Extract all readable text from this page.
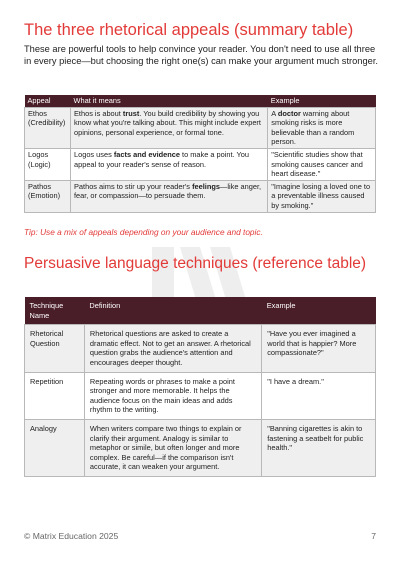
The three rhetorical appeals (summary table)

These are powerful tools to help convince your reader. You don't need to use all three in every piece—but choosing the right one(s) can make your argument much stronger.

Appeal	What it means	Example
Ethos (Credibility)	Ethos is about trust. You build credibility by showing you know what you're talking about. This might include expert opinions, personal experience, or formal tone.	A doctor warning about smoking risks is more believable than a random person.
Logos (Logic)	Logos uses facts and evidence to make a point. You appeal to your reader's sense of reason.	"Scientific studies show that smoking causes cancer and heart disease."
Pathos (Emotion)	Pathos aims to stir up your reader's feelings—like anger, fear, or compassion—to persuade them.	"Imagine losing a loved one to a preventable illness caused by smoking."

Tip: Use a mix of appeals depending on your audience and topic.

Persuasive language techniques (reference table)
Technique Name	Definition	Example
Rhetorical Question	Rhetorical questions are asked to create a dramatic effect. Not to get an answer. A rhetorical question grabs the audience's attention and encourages deeper thought.	"Have you ever imagined a world that is happier? More compassionate?"
Repetition	Repeating words or phrases to make a point stronger and more memorable. It helps the audience focus on the main ideas and adds rhythm to the writing.	"I have a dream."
Analogy	When writers compare two things to explain or clarify their argument. Analogy is similar to metaphor or simile, but often longer and more complex. Be careful—if the comparison isn't accurate, it can weaken your argument.	"Banning cigarettes is akin to fastening a seatbelt for public health."
© Matrix Education 2025	7
